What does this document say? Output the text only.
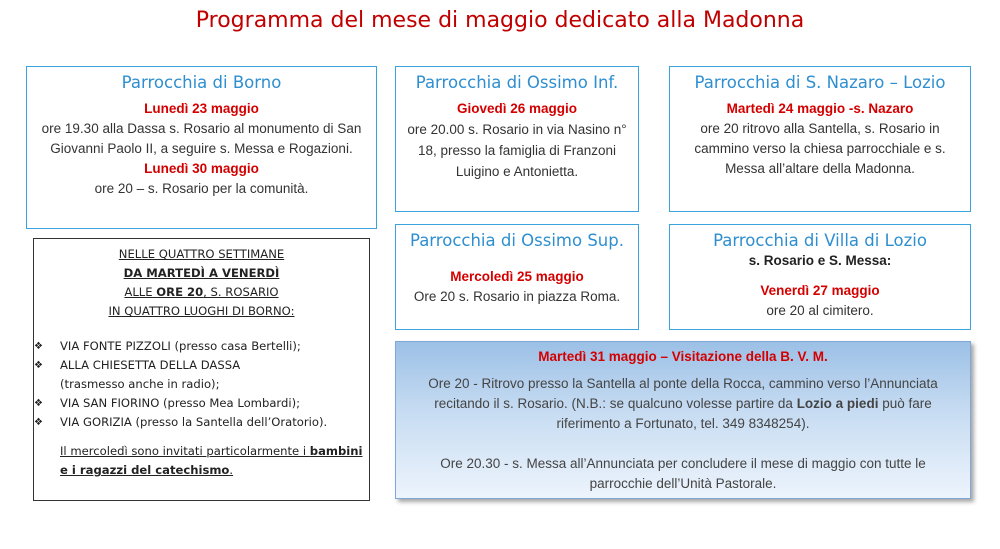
Programma del mese di maggio dedicato alla Madonna
Parrocchia di Borno
Lunedì 23 maggio
ore 19.30 alla Dassa s. Rosario al monumento di San Giovanni Paolo II, a seguire s. Messa e Rogazioni.
Lunedì 30 maggio
ore 20 – s. Rosario per la comunità.
Parrocchia di Ossimo Inf.
Giovedì 26 maggio
ore 20.00 s. Rosario in via Nasino n° 18, presso la famiglia di Franzoni Luigino e Antonietta.
Parrocchia di S. Nazaro – Lozio
Martedì 24 maggio -s. Nazaro
ore 20 ritrovo alla Santella, s. Rosario in cammino verso la chiesa parrocchiale e s. Messa all’altare della Madonna.
Parrocchia di Ossimo Sup.
Mercoledì 25 maggio
Ore 20 s. Rosario in piazza Roma.
Parrocchia di Villa di Lozio
s. Rosario e S. Messa:
Venerdì 27 maggio
ore 20 al cimitero.
NELLE QUATTRO SETTIMANE
DA MARTEDÌ A VENERDÌ
ALLE ORE 20, S. ROSARIO
IN QUATTRO LUOGHI DI BORNO:
❖ VIA FONTE PIZZOLI (presso casa Bertelli);
❖ ALLA CHIESETTA DELLA DASSA
(trasmesso anche in radio);
❖ VIA SAN FIORINO (presso Mea Lombardi);
❖ VIA GORIZIA (presso la Santella dell’Oratorio).
Il mercoledì sono invitati particolarmente i bambini e i ragazzi del catechismo.
Martedì 31 maggio – Visitazione della B. V. M.
Ore 20 - Ritrovo presso la Santella al ponte della Rocca, cammino verso l’Annunciata recitando il s. Rosario. (N.B.: se qualcuno volesse partire da Lozio a piedi può fare riferimento a Fortunato, tel. 349 8348254).
Ore 20.30 - s. Messa all’Annunciata per concludere il mese di maggio con tutte le parrocchie dell’Unità Pastorale.
